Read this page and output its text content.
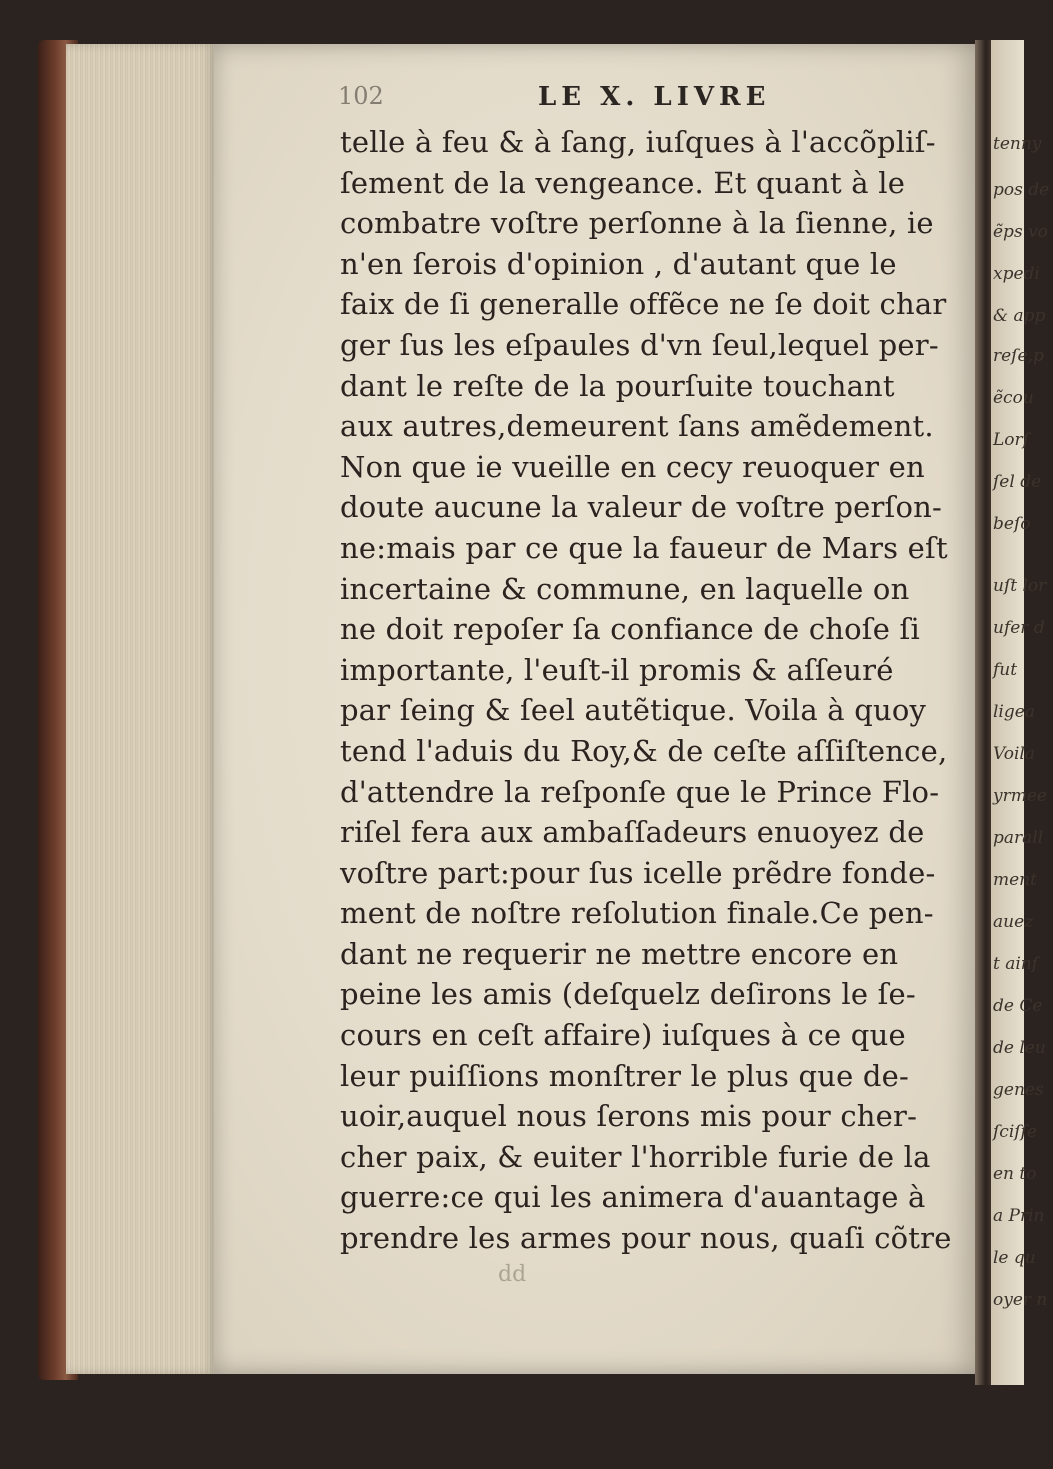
102	LE X. LIVRE
telle à feu & à ſang, iuſques à l'accõpliſ-
ſement de la vengeance. Et quant à le
combatre voſtre perſonne à la ſienne, ie
n'en ſerois d'opinion , d'autant que le
faix de ſi generalle offẽce ne ſe doit char
ger ſus les eſpaules d'vn ſeul,lequel per-
dant le reſte de la pourſuite touchant
aux autres,demeurent ſans amẽdement.
Non que ie vueille en cecy reuoquer en
doute aucune la valeur de voſtre perſon-
ne:mais par ce que la faueur de Mars eſt
incertaine & commune, en laquelle on
ne doit repoſer ſa confiance de choſe ſi
importante, l'euſt-il promis & aſſeuré
par ſeing & ſeel autẽtique. Voila à quoy
tend l'aduis du Roy,& de ceſte aſſiſtence,
d'attendre la reſponſe que le Prince Flo-
riſel fera aux ambaſſadeurs enuoyez de
voſtre part:pour ſus icelle prẽdre fonde-
ment de noſtre reſolution finale.Ce pen-
dant ne requerir ne mettre encore en
peine les amis (deſquelz deſirons le ſe-
cours en ceſt affaire) iuſques à ce que
leur puiſſions monſtrer le plus que de-
uoir,auquel nous ſerons mis pour cher-
cher paix, & euiter l'horrible furie de la
guerre:ce qui les animera d'auantage à
prendre les armes pour nous, quaſi cõtre
dd
tenny
pos de
ẽps vo
xpedi
& app
reſe,p
ẽcou
Lorſ
ſel de
beſo
uſt lor
ufer d
fut
ligea
Voila
yrmee
parall
ment
auez
t ainſ
de Ce
de leu
genes
ſciſſe
en to
a Prin
le qu
oyer n
